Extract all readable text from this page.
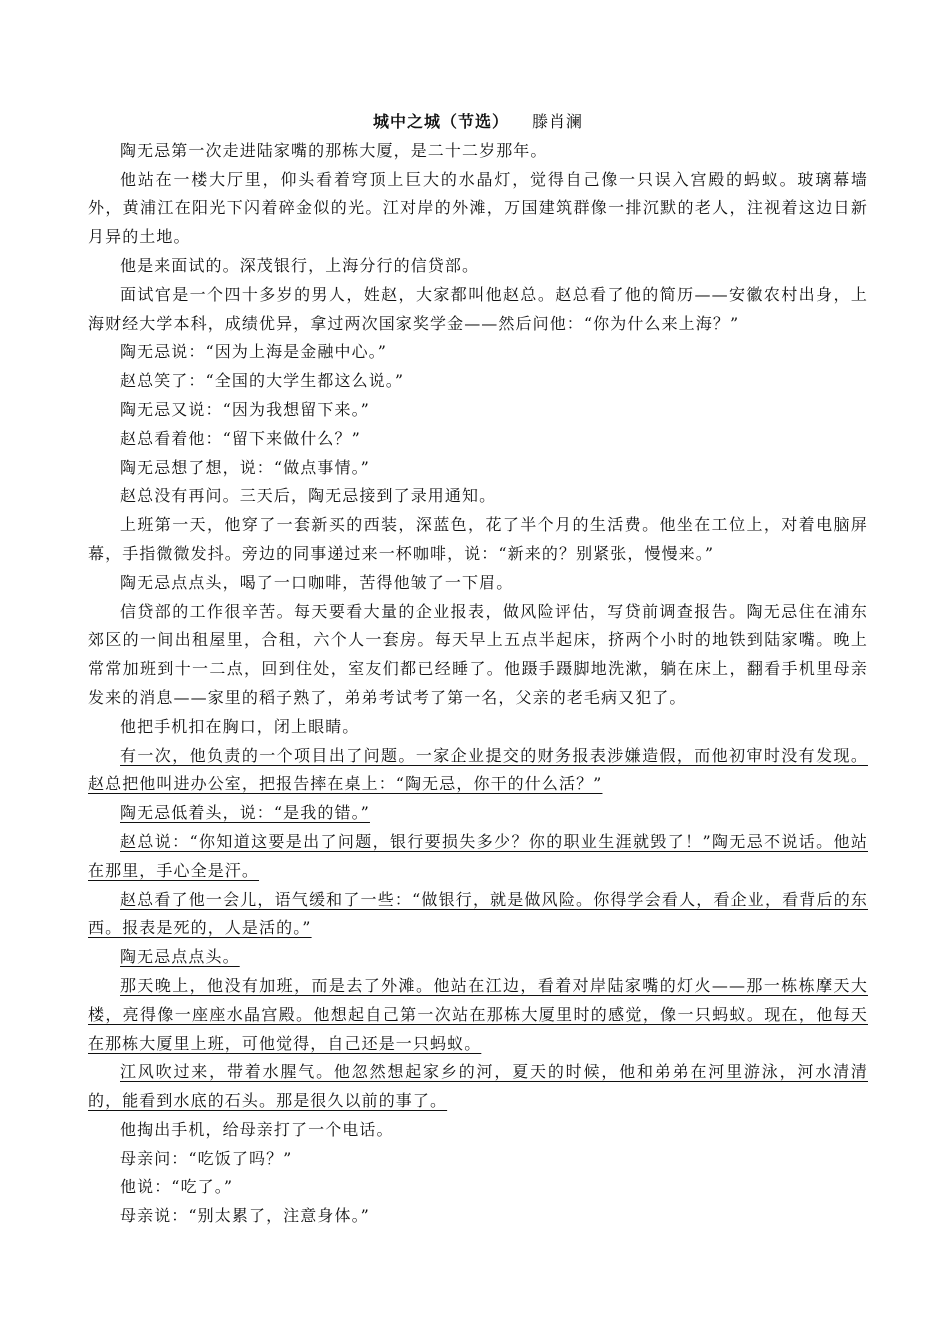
城中之城（节选） 滕肖澜

陶无忌第一次走进陆家嘴的那栋大厦，是二十二岁那年。

他站在一楼大厅里，仰头看着穹顶上巨大的水晶灯，觉得自己像一只误入宫殿的蚂蚁。玻璃幕墙外，黄浦江在阳光下闪着碎金似的光。江对岸的外滩，万国建筑群像一排沉默的老人，注视着这边日新月异的土地。

他是来面试的。深茂银行，上海分行的信贷部。

面试官是一个四十多岁的男人，姓赵，大家都叫他赵总。赵总看了他的简历——安徽农村出身，上海财经大学本科，成绩优异，拿过两次国家奖学金——然后问他：“你为什么来上海？”

陶无忌说：“因为上海是金融中心。”

赵总笑了：“全国的大学生都这么说。”

陶无忌又说：“因为我想留下来。”

赵总看着他：“留下来做什么？”

陶无忌想了想，说：“做点事情。”

赵总没有再问。三天后，陶无忌接到了录用通知。

上班第一天，他穿了一套新买的西装，深蓝色，花了半个月的生活费。他坐在工位上，对着电脑屏幕，手指微微发抖。旁边的同事递过来一杯咖啡，说：“新来的？别紧张，慢慢来。”

陶无忌点点头，喝了一口咖啡，苦得他皱了一下眉。

信贷部的工作很辛苦。每天要看大量的企业报表，做风险评估，写贷前调查报告。陶无忌住在浦东郊区的一间出租屋里，合租，六个人一套房。每天早上五点半起床，挤两个小时的地铁到陆家嘴。晚上常常加班到十一二点，回到住处，室友们都已经睡了。他蹑手蹑脚地洗漱，躺在床上，翻看手机里母亲发来的消息——家里的稻子熟了，弟弟考试考了第一名，父亲的老毛病又犯了。

他把手机扣在胸口，闭上眼睛。

有一次，他负责的一个项目出了问题。一家企业提交的财务报表涉嫌造假，而他初审时没有发现。赵总把他叫进办公室，把报告摔在桌上：“陶无忌，你干的什么活？”

陶无忌低着头，说：“是我的错。”

赵总说：“你知道这要是出了问题，银行要损失多少？你的职业生涯就毁了！”陶无忌不说话。他站在那里，手心全是汗。

赵总看了他一会儿，语气缓和了一些：“做银行，就是做风险。你得学会看人，看企业，看背后的东西。报表是死的，人是活的。”

陶无忌点点头。

那天晚上，他没有加班，而是去了外滩。他站在江边，看着对岸陆家嘴的灯火——那一栋栋摩天大楼，亮得像一座座水晶宫殿。他想起自己第一次站在那栋大厦里时的感觉，像一只蚂蚁。现在，他每天在那栋大厦里上班，可他觉得，自己还是一只蚂蚁。

江风吹过来，带着水腥气。他忽然想起家乡的河，夏天的时候，他和弟弟在河里游泳，河水清清的，能看到水底的石头。那是很久以前的事了。

他掏出手机，给母亲打了一个电话。

母亲问：“吃饭了吗？”

他说：“吃了。”

母亲说：“别太累了，注意身体。”
